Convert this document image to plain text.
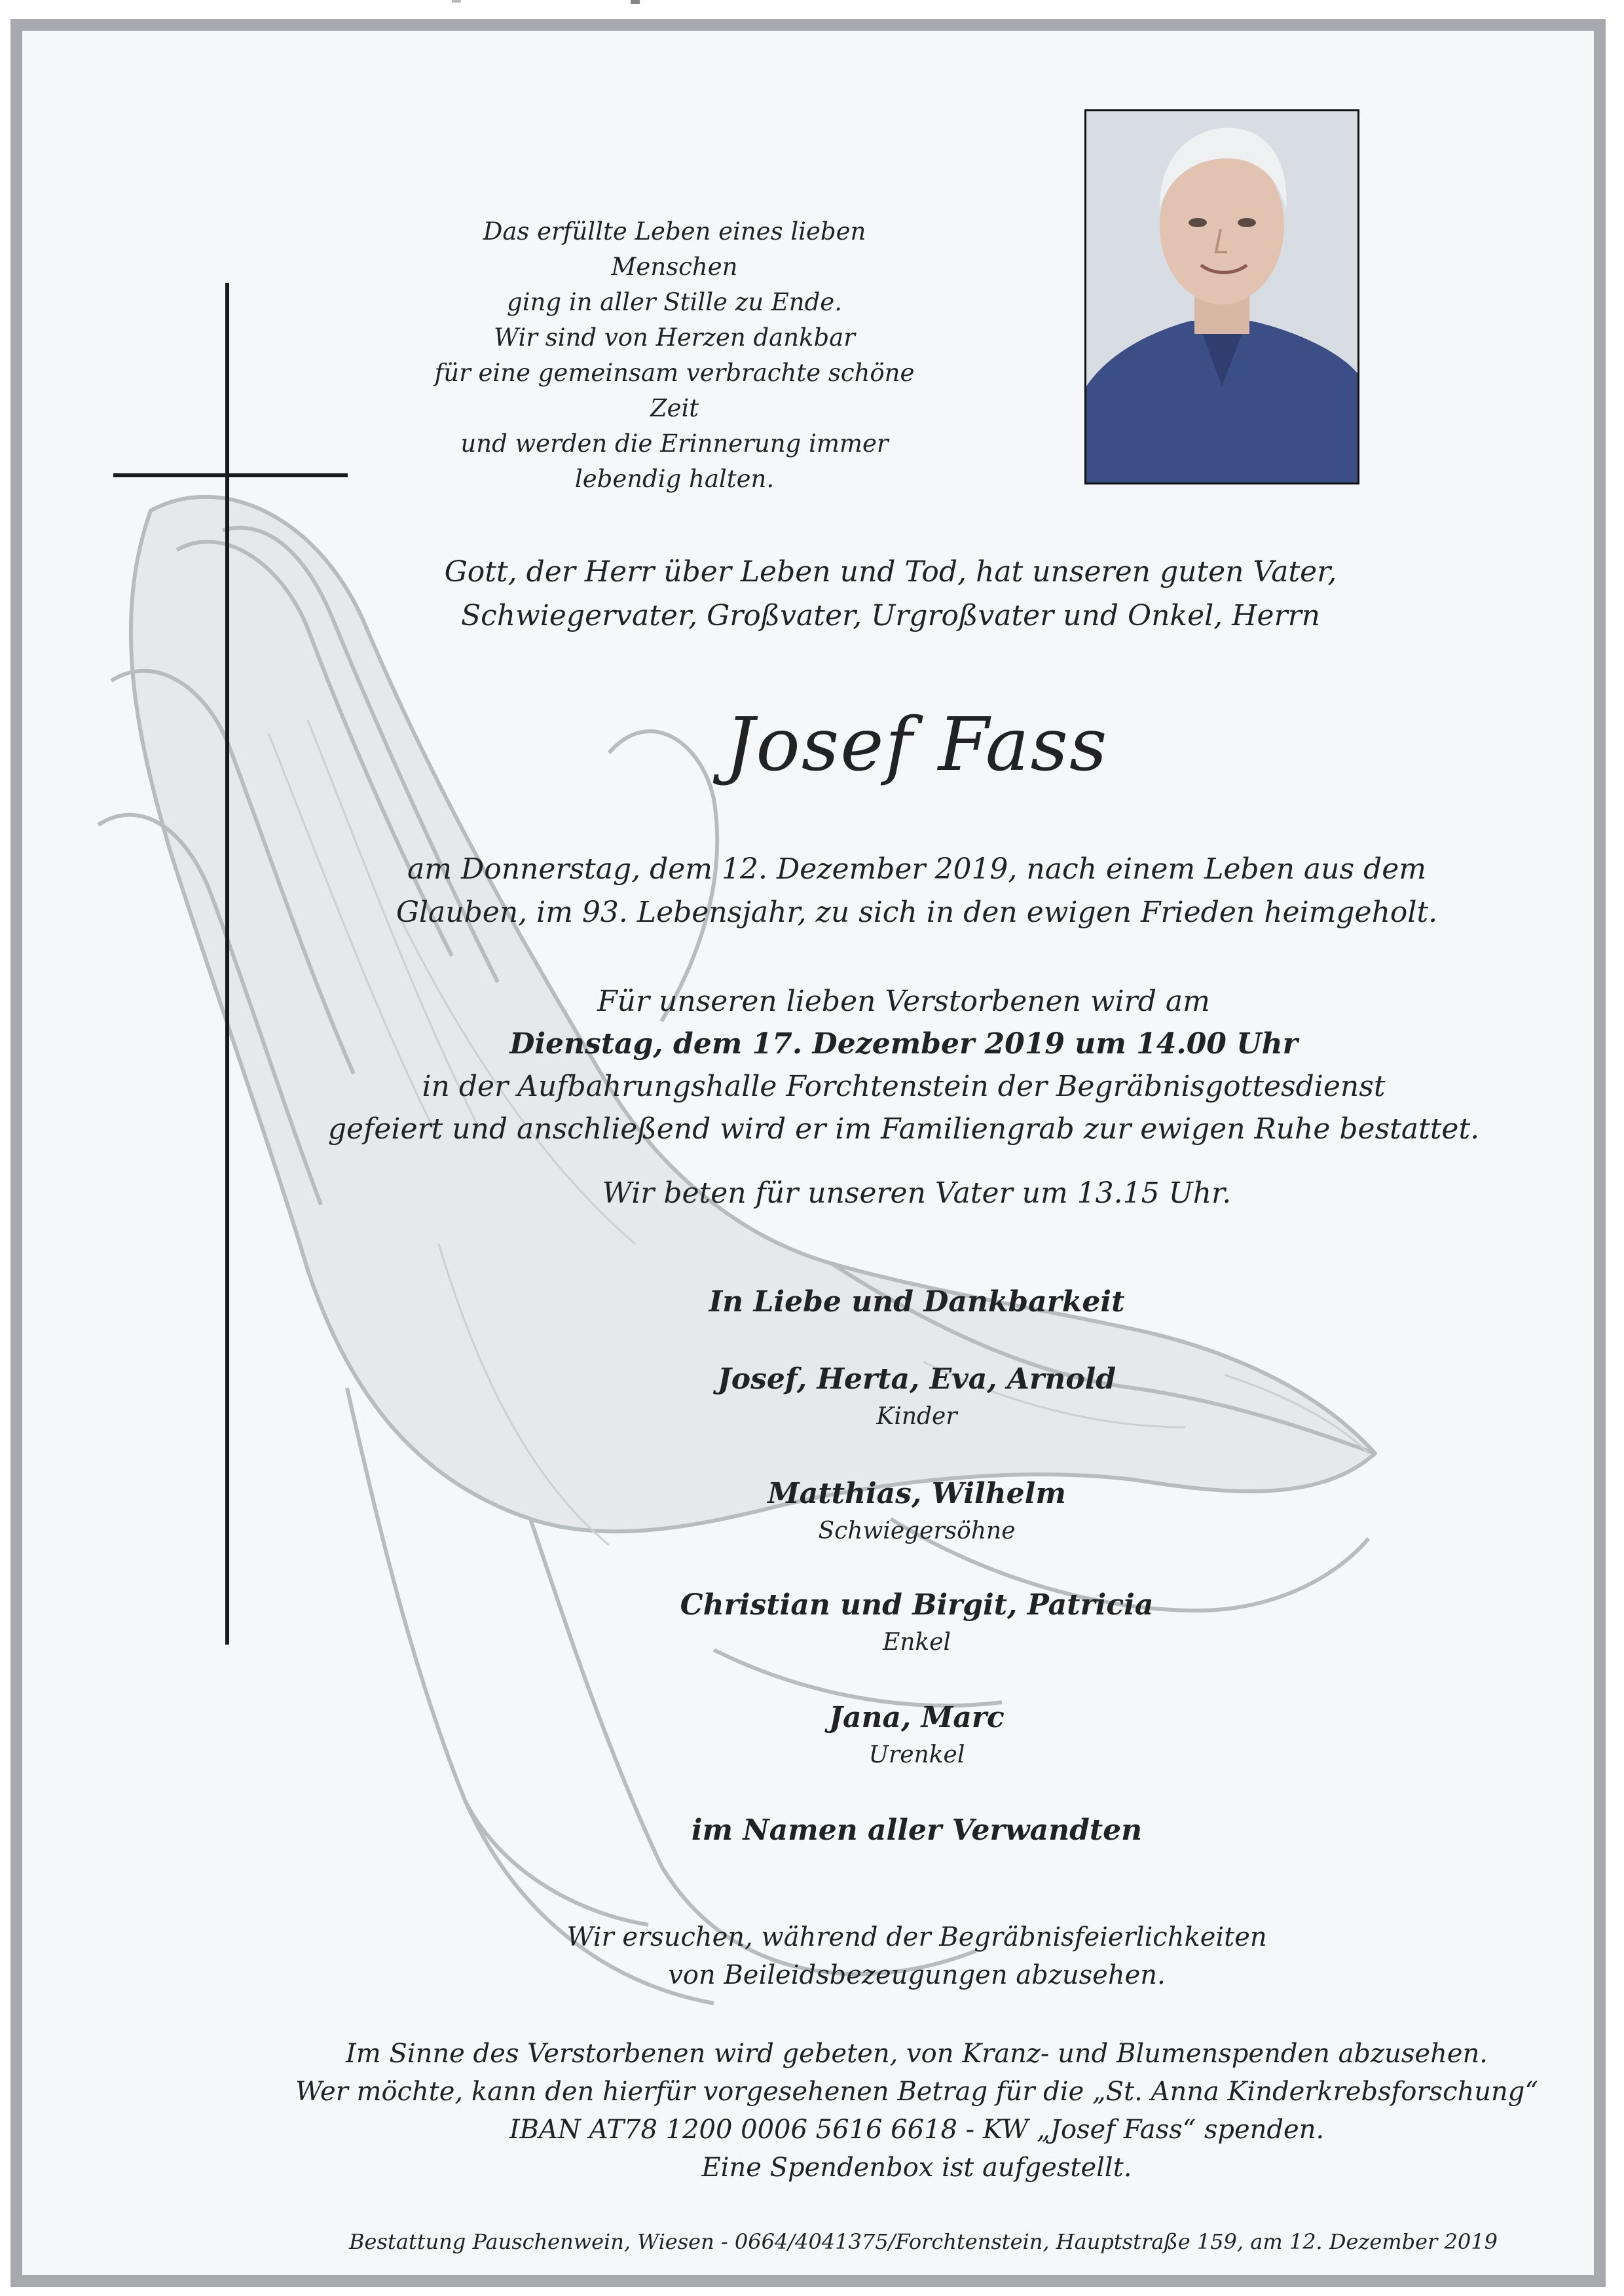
Das erfüllte Leben eines lieben Menschen

ging in aller Stille zu Ende.

Wir sind von Herzen dankbar

für eine gemeinsam verbrachte schöne Zeit

und werden die Erinnerung immer

lebendig halten.

Gott, der Herr über Leben und Tod, hat unseren guten Vater,

Schwiegervater, Großvater, Urgroßvater und Onkel, Herrn

Josef Fass

am Donnerstag, dem 12. Dezember 2019, nach einem Leben aus dem

Glauben, im 93. Lebensjahr, zu sich in den ewigen Frieden heimgeholt.

Für unseren lieben Verstorbenen wird am

Dienstag, dem 17. Dezember 2019 um 14.00 Uhr

in der Aufbahrungshalle Forchtenstein der Begräbnisgottesdienst

gefeiert und anschließend wird er im Familiengrab zur ewigen Ruhe bestattet.

Wir beten für unseren Vater um 13.15 Uhr.
In Liebe und Dankbarkeit

Josef, Herta, Eva, Arnold

Kinder

Matthias, Wilhelm

Schwiegersöhne

Christian und Birgit, Patricia

Enkel

Jana, Marc

Urenkel

im Namen aller Verwandten

Wir ersuchen, während der Begräbnisfeierlichkeiten

von Beileidsbezeugungen abzusehen.

Im Sinne des Verstorbenen wird gebeten, von Kranz- und Blumenspenden abzusehen.

Wer möchte, kann den hierfür vorgesehenen Betrag für die „St. Anna Kinderkrebsforschung“

IBAN AT78 1200 0006 5616 6618 - KW „Josef Fass“ spenden.

Eine Spendenbox ist aufgestellt.

Bestattung Pauschenwein, Wiesen - 0664/4041375/Forchtenstein, Hauptstraße 159, am 12. Dezember 2019
